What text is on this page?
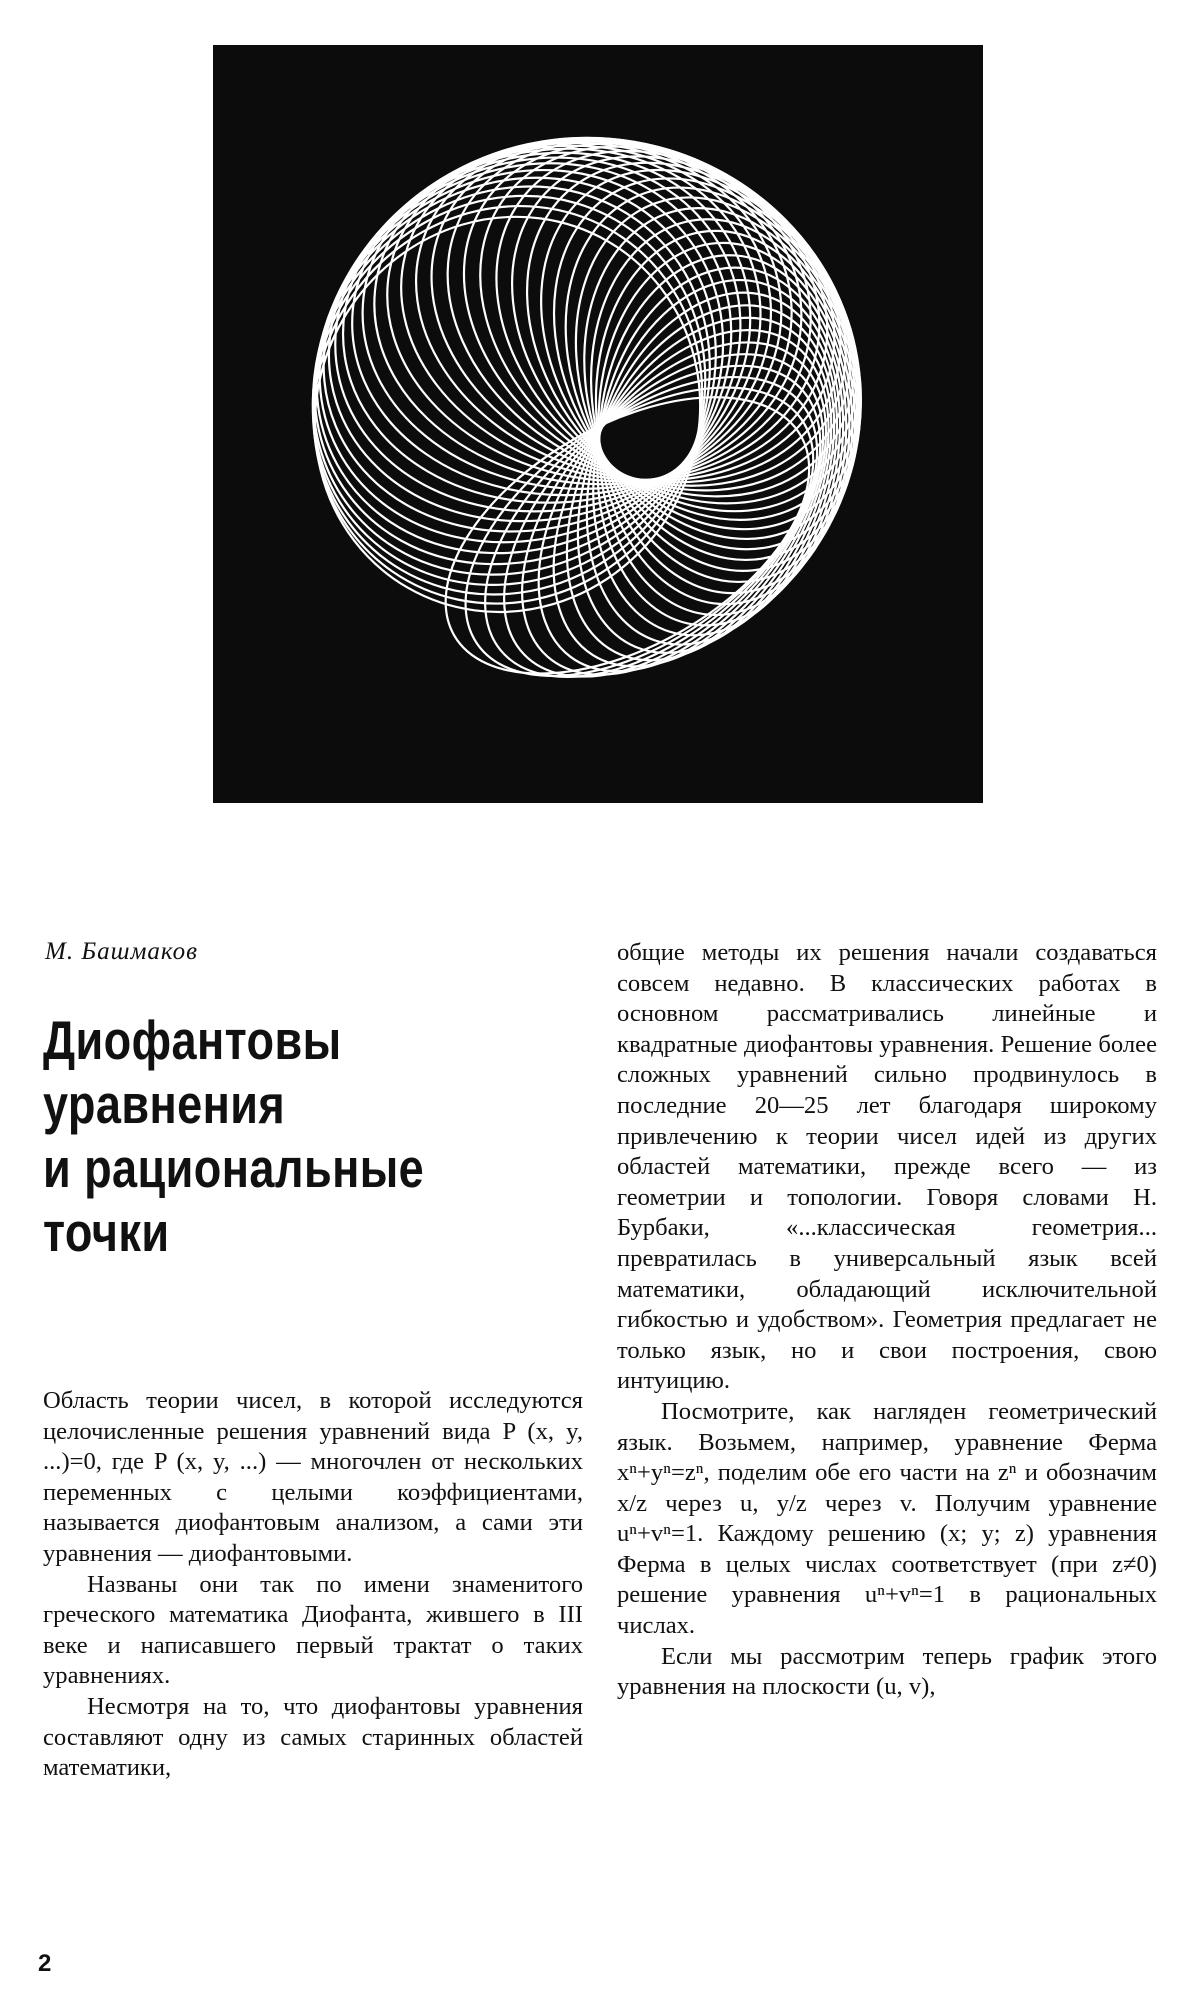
М. Башмаков
Диофантовы
уравнения
и рациональные
точки

Область теории чисел, в которой исследуются целочисленные решения уравнений вида P (x, y, ...)=0, где P (x, y, ...) — многочлен от нескольких переменных с целыми коэффициентами, называется диофантовым анализом, а сами эти уравнения — диофантовыми.

Названы они так по имени знаменитого греческого математика Диофанта, жившего в III веке и написавшего первый трактат о таких уравнениях.

Несмотря на то, что диофантовы уравнения составляют одну из самых старинных областей математики,

общие методы их решения начали создаваться совсем недавно. В классических работах в основном рассматривались линейные и квадратные диофантовы уравнения. Решение более сложных уравнений сильно продвинулось в последние 20—25 лет благодаря широкому привлечению к теории чисел идей из других областей математики, прежде всего — из геометрии и топологии. Говоря словами Н. Бурбаки, «...классическая геометрия... превратилась в универсальный язык всей математики, обладающий исключительной гибкостью и удобством». Геометрия предлагает не только язык, но и свои построения, свою интуицию.

Посмотрите, как нагляден геометрический язык. Возьмем, например, уравнение Ферма xⁿ+yⁿ=zⁿ, поделим обе его части на zⁿ и обозначим x/z через u, y/z через v. Получим уравнение uⁿ+vⁿ=1. Каждому решению (x; y; z) уравнения Ферма в целых числах соответствует (при z≠0) решение уравнения uⁿ+vⁿ=1 в рациональных числах.

Если мы рассмотрим теперь график этого уравнения на плоскости (u, v),

2
